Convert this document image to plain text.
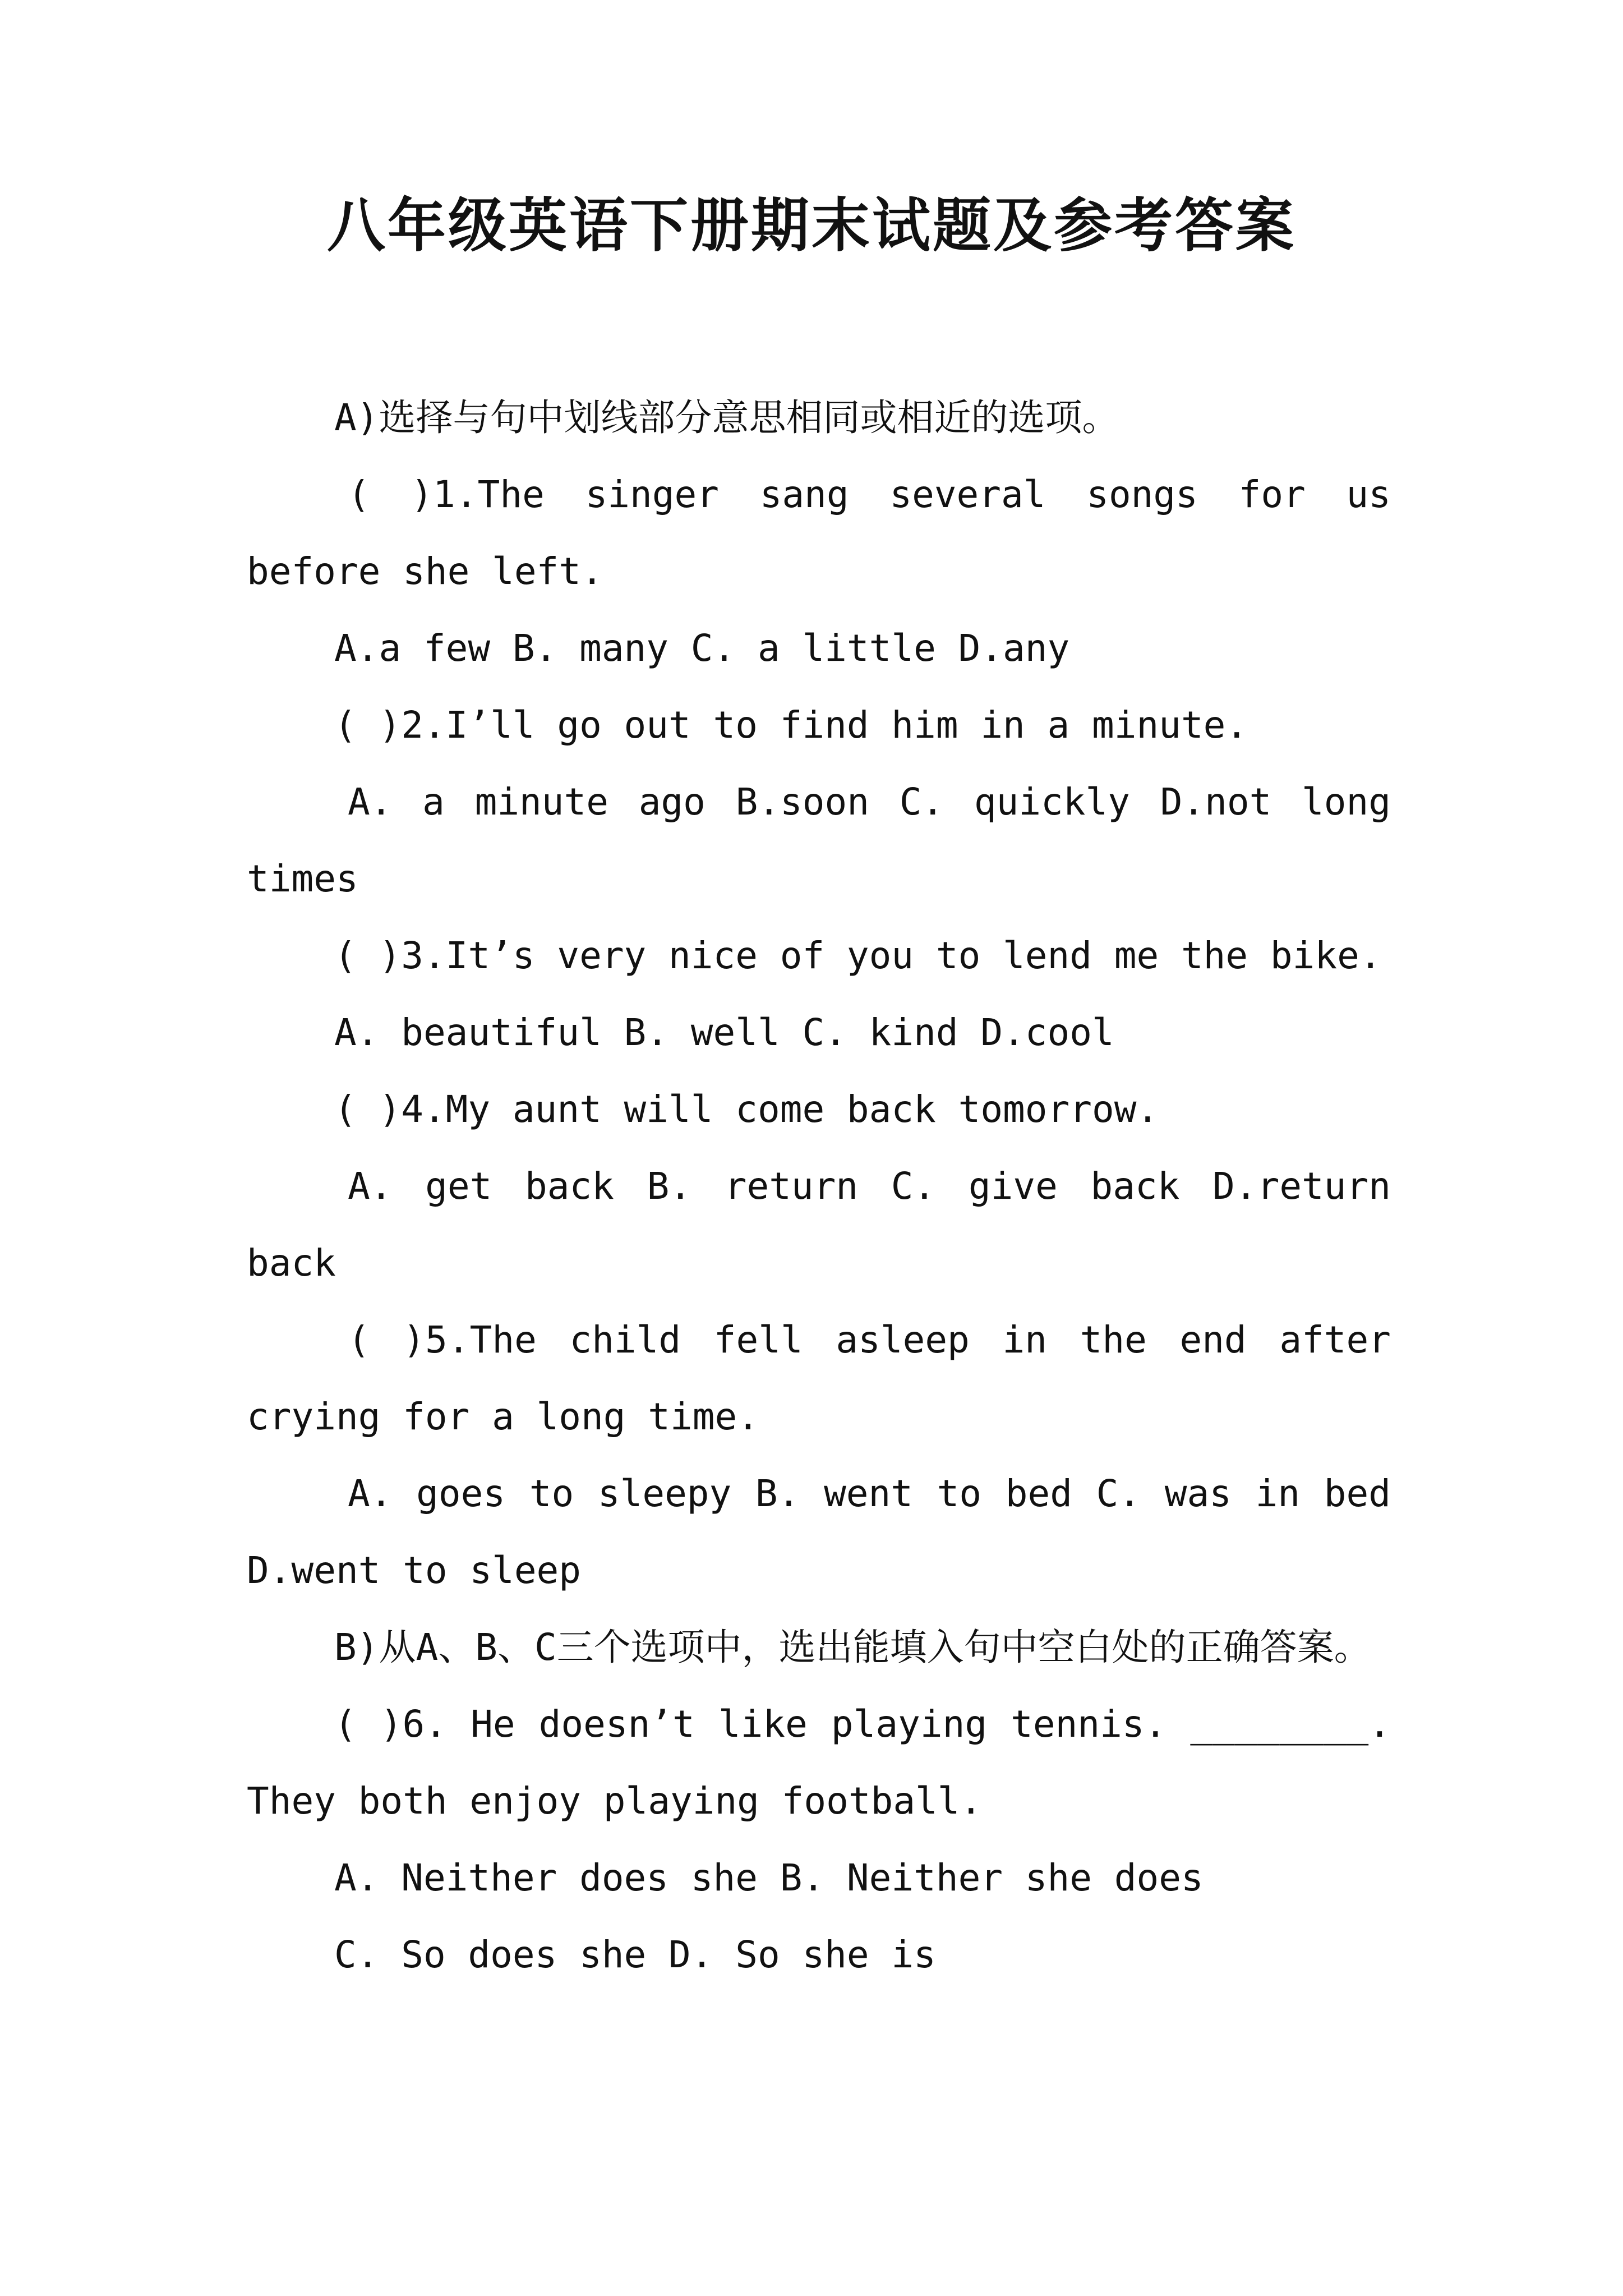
八年级英语下册期末试题及参考答案

A)选择与句中划线部分意思相同或相近的选项。

( )1.The singer sang several songs for us before she left.

A.a few B. many C. a little D.any

( )2.I’ll go out to find him in a minute.

A. a minute ago B.soon C. quickly D.not long times

( )3.It’s very nice of you to lend me the bike.

A. beautiful B. well C. kind D.cool

( )4.My aunt will come back tomorrow.

A. get back B. return C. give back D.return back

( )5.The child fell asleep in the end after crying for a long time.

A. goes to sleepy B. went to bed C. was in bed D.went to sleep

B)从A、B、C三个选项中，选出能填入句中空白处的正确答案。

( )6. He doesn’t like playing tennis. ________. They both enjoy playing football.

A. Neither does she B. Neither she does

C. So does she D. So she is
